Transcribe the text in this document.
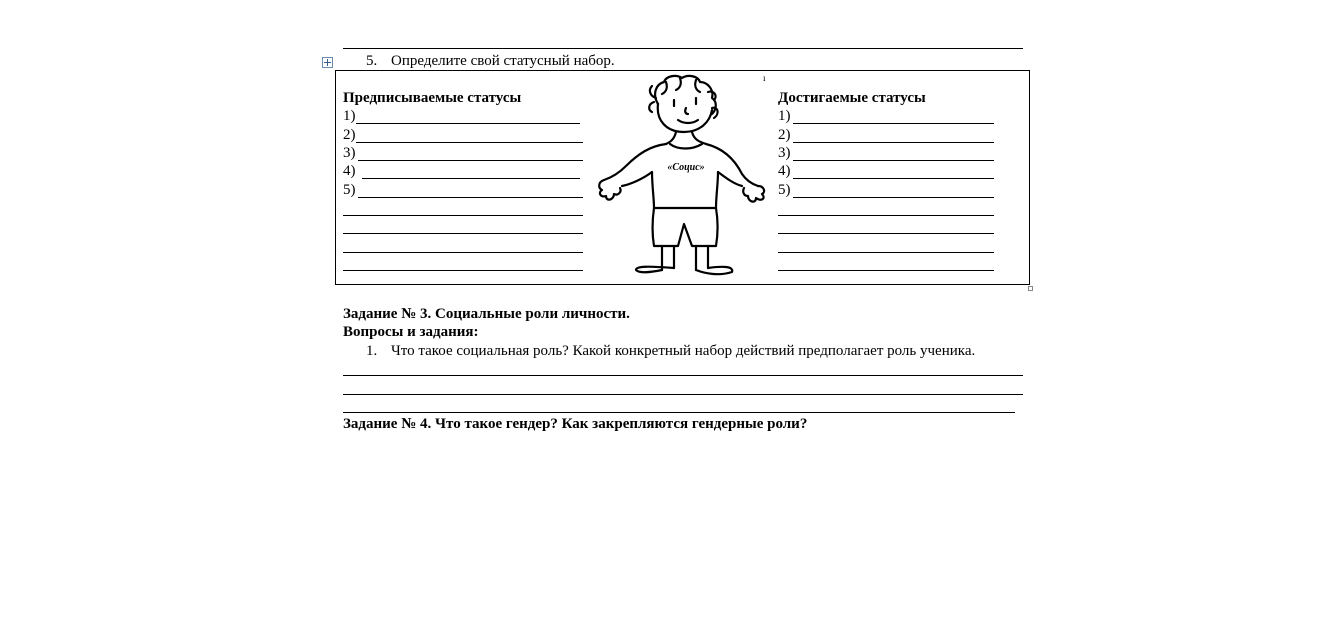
5. Определите свой статусный набор.
ı
Предписываемые статусы
1)
2)
3)
4)
5)
Достигаемые статусы
1)
2)
3)
4)
5)
«Социс»
Задание № 3. Социальные роли личности.
Вопросы и задания:
1. Что такое социальная роль? Какой конкретный набор действий предполагает роль ученика.
Задание № 4. Что такое гендер? Как закрепляются гендерные роли?
